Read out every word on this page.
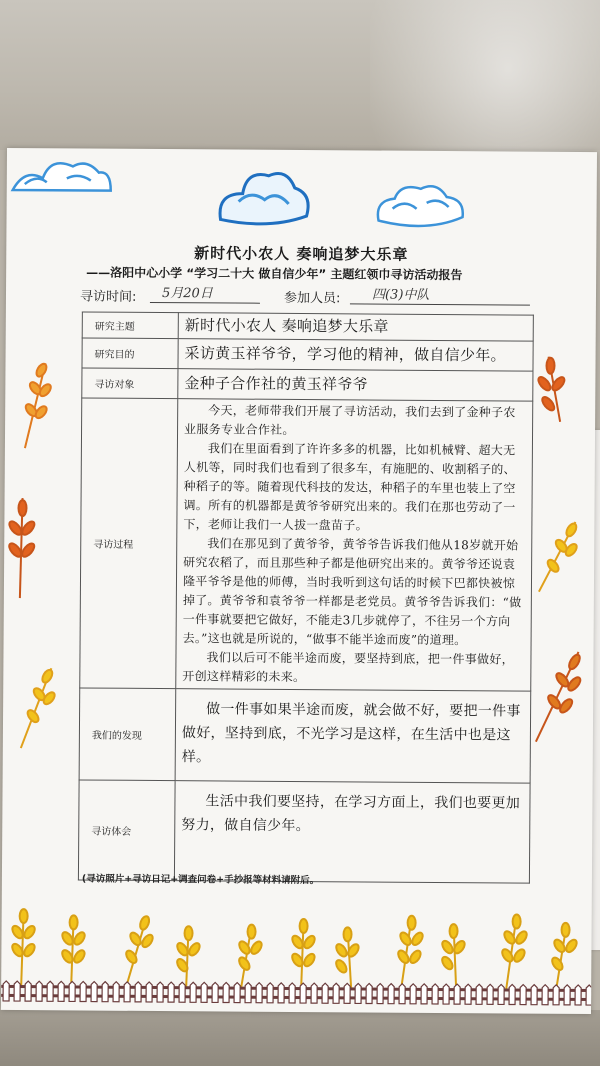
新时代小农人 奏响追梦大乐章
——洛阳中心小学 “学习二十大 做自信少年” 主题红领巾寻访活动报告
寻访时间: 5月20日	参加人员: 四(3)中队
研究主题	新时代小农人 奏响追梦大乐章
研究目的	采访黄玉祥爷爷，学习他的精神，做自信少年。
寻访对象	金种子合作社的黄玉祥爷爷
寻访过程	今天，老师带我们开展了寻访活动，我们去到了金种子农业服务专业合作社。

我们在里面看到了许许多多的机器，比如机械臂、超大无人机等，同时我们也看到了很多车，有施肥的、收割稻子的、种稻子的等。随着现代科技的发达，种稻子的车里也装上了空调。所有的机器都是黄爷爷研究出来的。我们在那也劳动了一下，老师让我们一人拔一盘苗子。

我们在那见到了黄爷爷，黄爷爷告诉我们他从18岁就开始研究农稻了，而且那些种子都是他研究出来的。黄爷爷还说袁隆平爷爷是他的师傅，当时我听到这句话的时候下巴都快被惊掉了。黄爷爷和袁爷爷一样都是老党员。黄爷爷告诉我们：“做一件事就要把它做好，不能走3几步就停了，不往另一个方向去。”这也就是所说的，“做事不能半途而废”的道理。

我们以后可不能半途而废，要坚持到底，把一件事做好，开创这样精彩的未来。

我们的发现	做一件事如果半途而废，就会做不好，要把一件事做好，坚持到底，不光学习是这样，在生活中也是这样。

寻访体会	生活中我们要坚持，在学习方面上，我们也要更加努力，做自信少年。

(寻访照片+寻访日记+调查问卷+手抄报等材料请附后。
